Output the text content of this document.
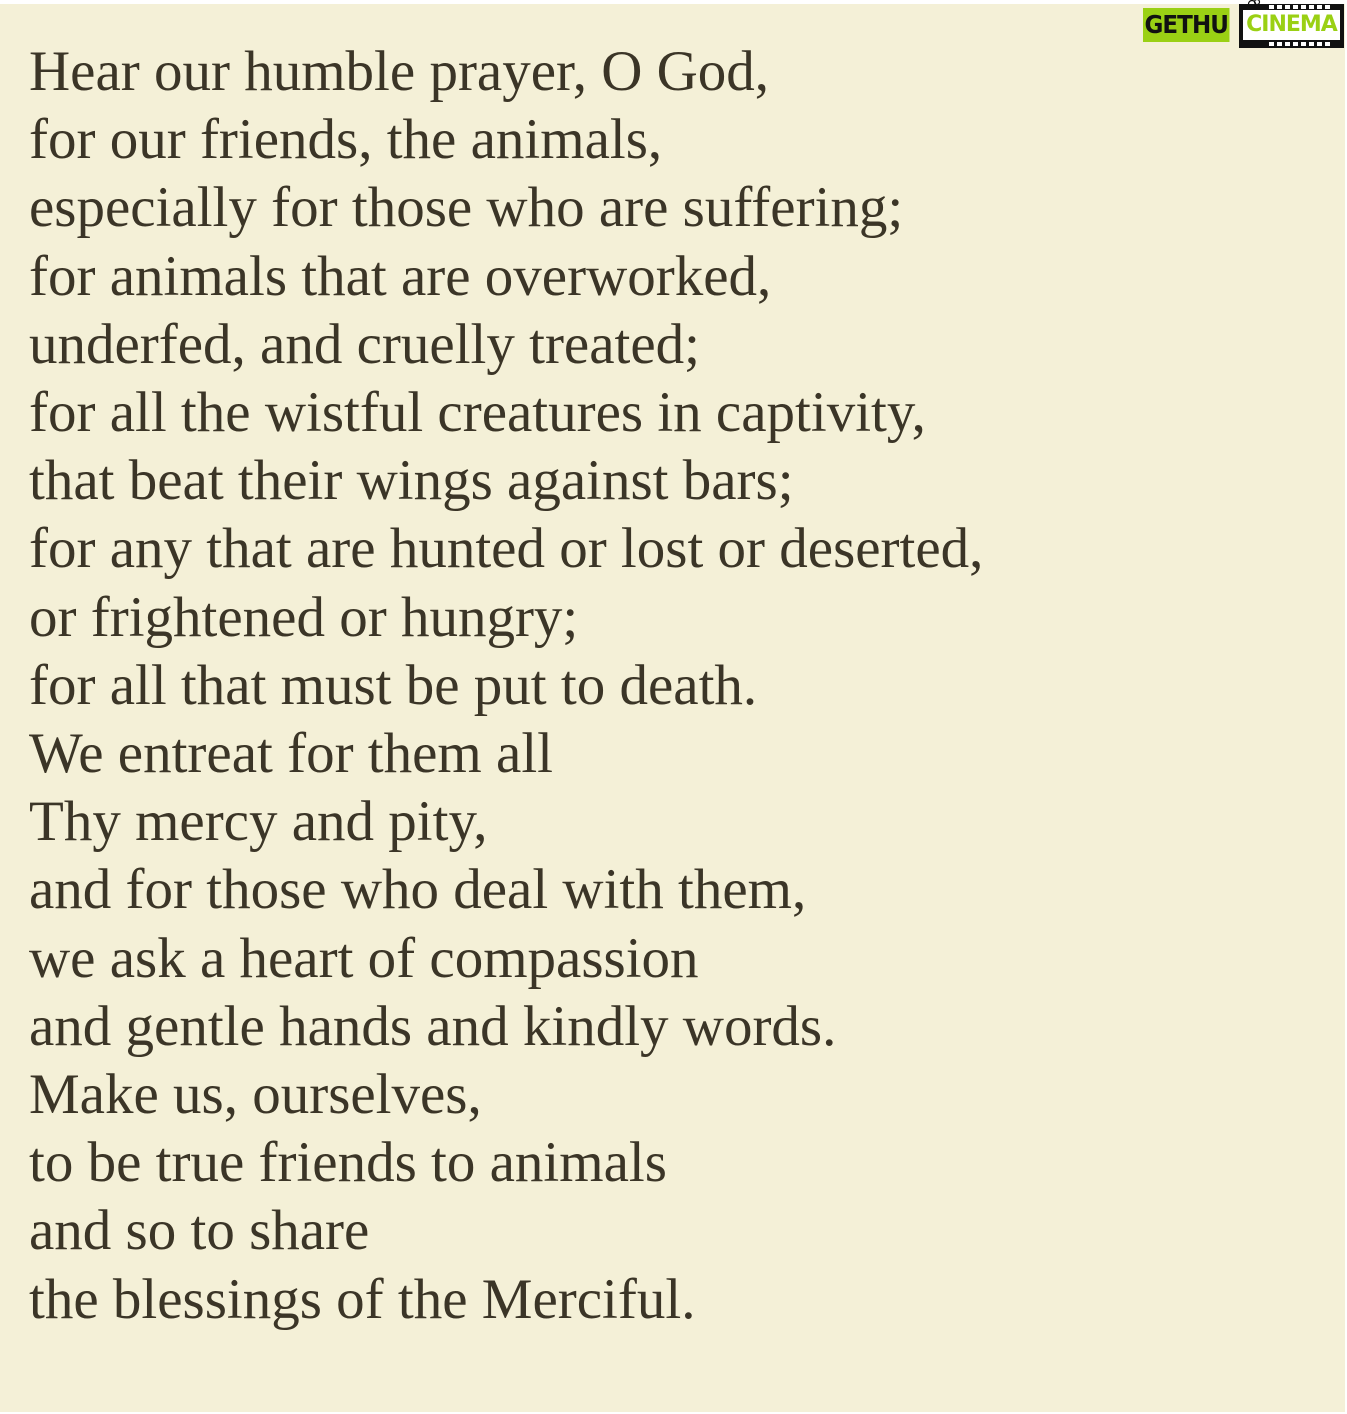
Hear our humble prayer, O God,
for our friends, the animals,
especially for those who are suffering;
for animals that are overworked,
underfed, and cruelly treated;
for all the wistful creatures in captivity,
that beat their wings against bars;
for any that are hunted or lost or deserted,
or frightened or hungry;
for all that must be put to death.
We entreat for them all
Thy mercy and pity,
and for those who deal with them,
we ask a heart of compassion
and gentle hands and kindly words.
Make us, ourselves,
to be true friends to animals
and so to share
the blessings of the Merciful.
GETHU CINEMA
